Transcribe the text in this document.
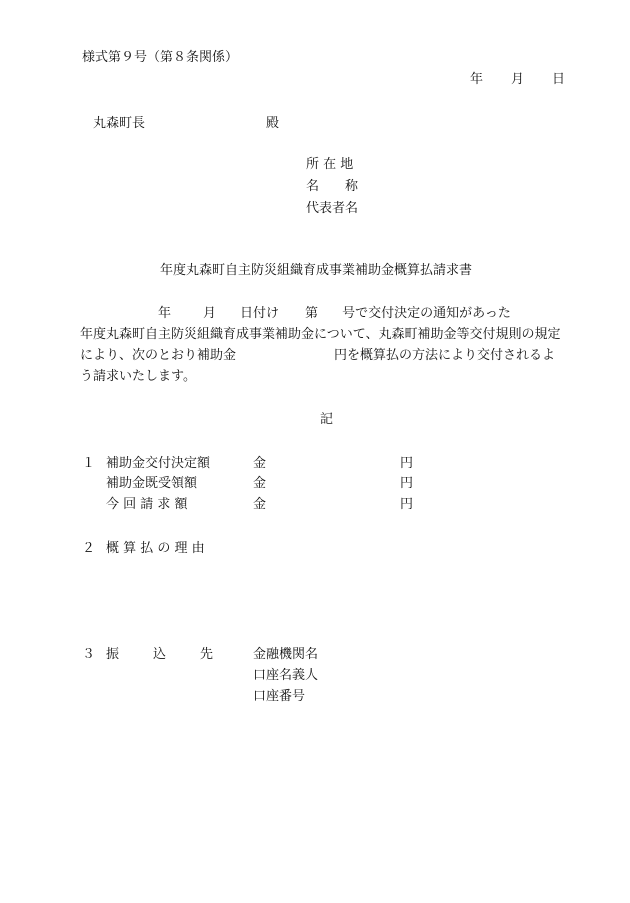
様式第９号（第８条関係）
年 月 日
丸森町長	殿
所 在 地
名　　称
代表者名
年度丸森町自主防災組織育成事業補助金概算払請求書
年 月 日付け 第 号で交付決定の通知があった
年度丸森町自主防災組織育成事業補助金について、丸森町補助金等交付規則の規定
により、次のとおり補助金	円を概算払の方法により交付されるよ
う請求いたします。
記
１ 補助金交付決定額	金	円
補助金既受領額	金	円
今 回 請 求 額	金	円
２ 概 算 払 の 理 由
３ 振	込	先	金融機関名
口座名義人
口座番号
